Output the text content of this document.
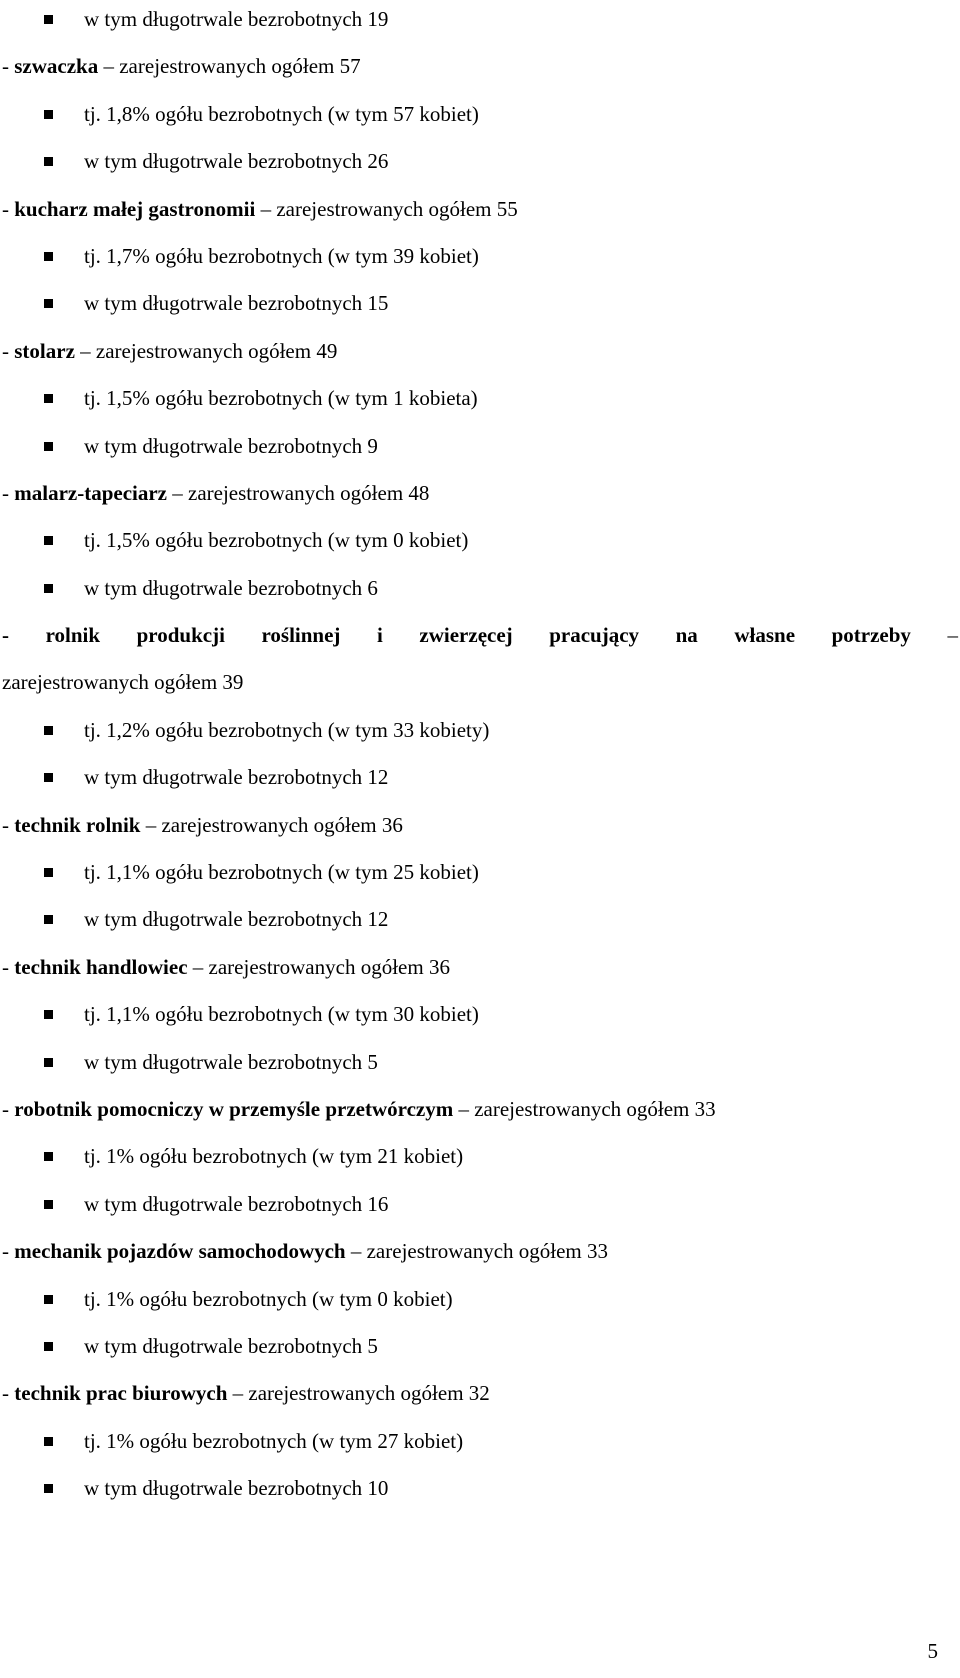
w tym długotrwale bezrobotnych 19
- szwaczka – zarejestrowanych ogółem 57
tj. 1,8% ogółu bezrobotnych (w tym 57 kobiet)
w tym długotrwale bezrobotnych 26
- kucharz małej gastronomii – zarejestrowanych ogółem 55
tj. 1,7% ogółu bezrobotnych (w tym 39 kobiet)
w tym długotrwale bezrobotnych 15
- stolarz – zarejestrowanych ogółem 49
tj. 1,5% ogółu bezrobotnych (w tym 1 kobieta)
w tym długotrwale bezrobotnych 9
- malarz-tapeciarz – zarejestrowanych ogółem 48
tj. 1,5% ogółu bezrobotnych (w tym 0 kobiet)
w tym długotrwale bezrobotnych 6
- rolnik produkcji roślinnej i zwierzęcej pracujący na własne potrzeby –
zarejestrowanych ogółem 39
tj. 1,2% ogółu bezrobotnych (w tym 33 kobiety)
w tym długotrwale bezrobotnych 12
- technik rolnik – zarejestrowanych ogółem 36
tj. 1,1% ogółu bezrobotnych (w tym 25 kobiet)
w tym długotrwale bezrobotnych 12
- technik handlowiec – zarejestrowanych ogółem 36
tj. 1,1% ogółu bezrobotnych (w tym 30 kobiet)
w tym długotrwale bezrobotnych 5
- robotnik pomocniczy w przemyśle przetwórczym – zarejestrowanych ogółem 33
tj. 1% ogółu bezrobotnych (w tym 21 kobiet)
w tym długotrwale bezrobotnych 16
- mechanik pojazdów samochodowych – zarejestrowanych ogółem 33
tj. 1% ogółu bezrobotnych (w tym 0 kobiet)
w tym długotrwale bezrobotnych 5
- technik prac biurowych – zarejestrowanych ogółem 32
tj. 1% ogółu bezrobotnych (w tym 27 kobiet)
w tym długotrwale bezrobotnych 10
5
